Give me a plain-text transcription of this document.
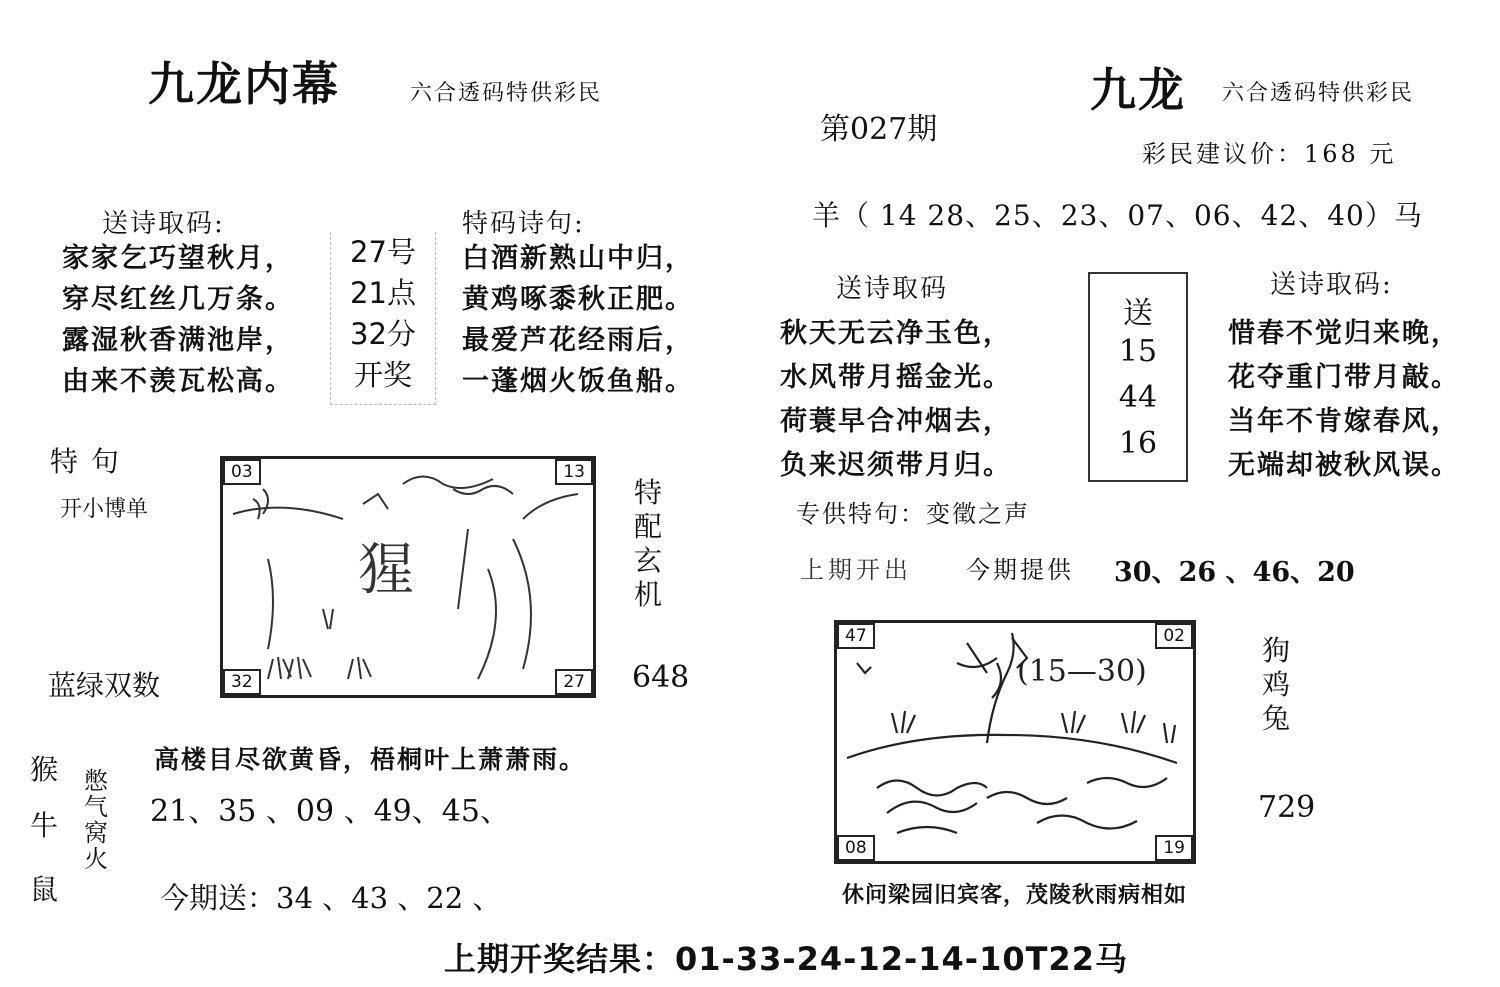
九龙内幕	六合透码特供彩民
送诗取码:
家家乞巧望秋月，
穿尽红丝几万条。
露湿秋香满池岸，
由来不羡瓦松高。
27号
21点
32分
开奖
特码诗句:
白酒新熟山中归，
黄鸡啄黍秋正肥。
最爱芦花经雨后，
一蓬烟火饭鱼船。
特 句
开小博单
03	13
32	27
猩
特
配
玄
机
648
蓝绿双数
猴
牛
鼠
憋
气
窝
火
高楼目尽欲黄昏，梧桐叶上萧萧雨。
21、35 、09 、49、45、
今期送：34 、43 、22 、
第027期
九龙 六合透码特供彩民
彩民建议价：168 元
羊（ 14 28、25、23、07、06、42、40）马
送诗取码
秋天无云净玉色，
水风带月摇金光。
荷蓑早合冲烟去，
负来迟须带月归。
送
15
44
16
送诗取码:
惜春不觉归来晚，
花夺重门带月敲。
当年不肯嫁春风，
无端却被秋风误。
专供特句：变徵之声
上期开出 今期提供 30、26 、46、20
47	02
08	19
(15—30)
狗
鸡
兔
729
休问梁园旧宾客，茂陵秋雨病相如
上期开奖结果：01-33-24-12-14-10T22马
